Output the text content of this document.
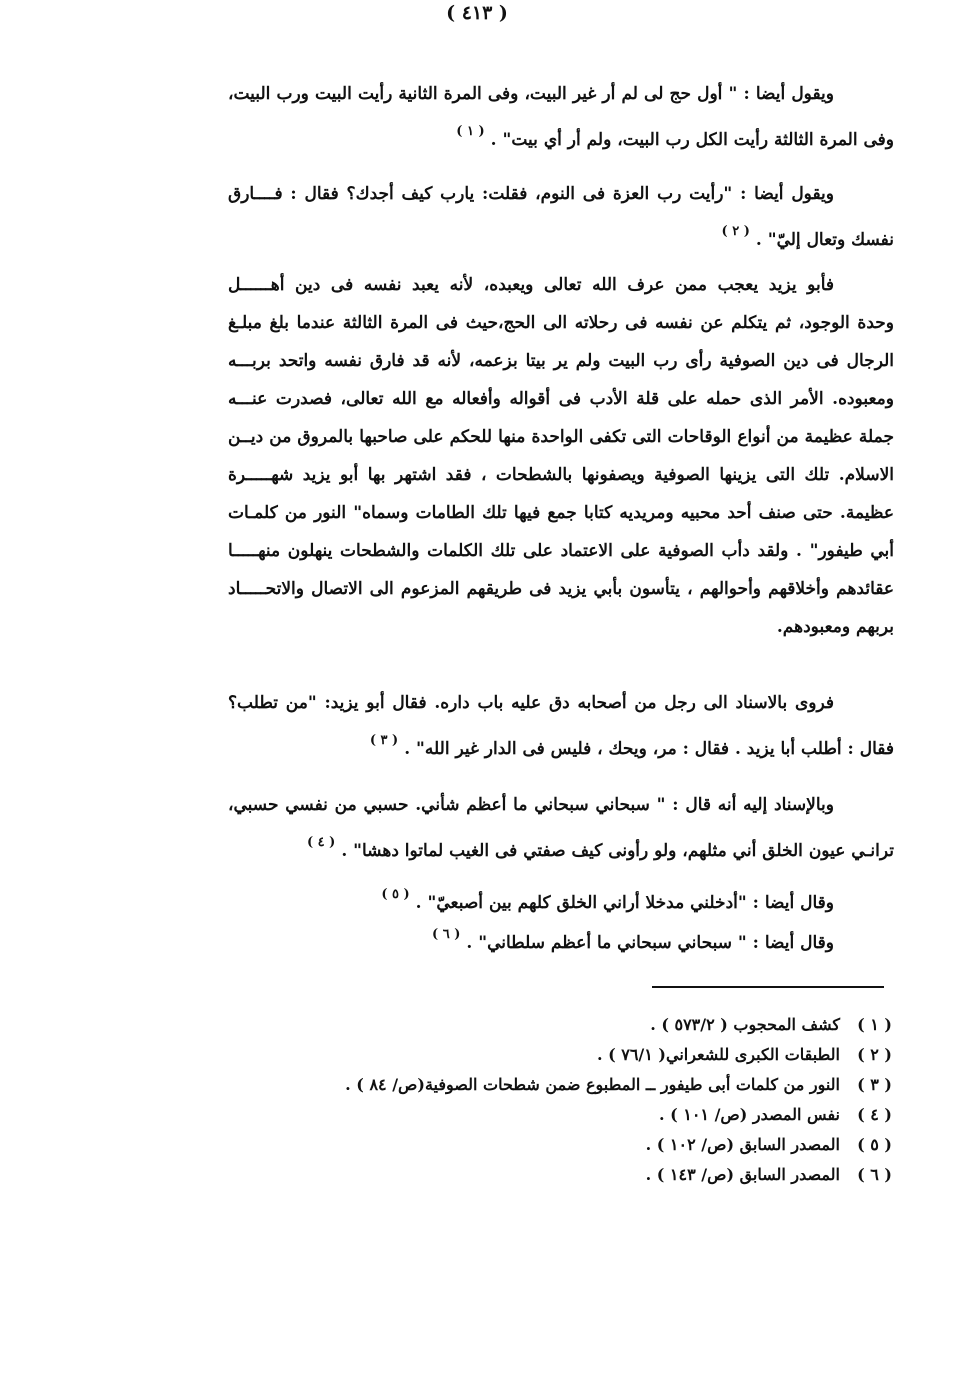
( ٤١٣ )
ويقول أيضا : " أول حج لى لم أر غير البيت، وفى المرة الثانية رأيت البيت ورب البيت،
وفى المرة الثالثة رأيت الكل رب البيت، ولم أر أي بيت" .$^{( ١ )}$
ويقول أيضا : "رأيت رب العزة فى النوم، فقلت: يارب كيف أجدك؟ فقال : فــــارق
نفسك وتعال إليّ" .$^{( ٢ )}$
فأبو يزيد يعجب ممن عرف الله تعالى ويعبده، لأنه يعبد نفسه فى دين أهــــــل
وحدة الوجود، ثم يتكلم عن نفسه فى رحلاته الى الحج،حيث فى المرة الثالثة عندما بلغ مبلـغ
الرجال فى دين الصوفية رأى رب البيت ولم ير بيتا بزعمه، لأنه قد فارق نفسه واتحد بربـــه
ومعبوده. الأمر الذى حمله على قلة الأدب فى أقواله وأفعاله مع الله تعالى، فصدرت عنـــه
جملة عظيمة من أنواع الوقاحات التى تكفى الواحدة منها للحكم على صاحبها بالمروق من ديــن
الاسلام. تلك التى يزينها الصوفية ويصفونها بالشطحات ، فقد اشتهر بها أبو يزيد شهـــــرة
عظيمة. حتى صنف أحد محبيه ومريديه كتابا جمع فيها تلك الطامات وسماه" النور من كلمـات
أبي طيفور" . ولقد دأب الصوفية على الاعتماد على تلك الكلمات والشطحات ينهلون منهـــــا
عقائدهم وأخلاقهم وأحوالهم ، يتأسون بأبي يزيد فى طريقهم المزعوم الى الاتصال والاتحـــــاد
بربهم ومعبودهم.
فروى بالاسناد الى رجل من أصحابه دق عليه باب داره. فقال أبو يزيد: "من تطلب؟
فقال : أطلب أبا يزيد . فقال : مر، ويحك ، فليس فى الدار غير الله" .$^{( ٣ )}$
وبالإسناد إليه أنه قال : " سبحاني سبحاني ما أعظم شأني. حسبي من نفسي حسبي،
ترانـي عيون الخلق أني مثلهم، ولو رأونى كيف صفتي فى الغيب لماتوا دهشا" .$^{( ٤ )}$
وقال أيضا : "أدخلني مدخلا أراني الخلق كلهم بين أصبعيّ" .$^{( ٥ )}$
وقال أيضا : " سبحاني سبحاني ما أعظم سلطاني" .$^{( ٦ )}$
( ١ )كشف المحجوب ( ٥٧٣/٢ ) .
( ٢ )الطبقات الكبرى للشعراني( ٧٦/١ ) .
( ٣ )النور من كلمات أبى طيفور ــ المطبوع ضمن شطحات الصوفية(ص/ ٨٤ ) .
( ٤ )نفس المصدر (ص/ ١٠١ ) .
( ٥ )المصدر السابق (ص/ ١٠٢ ) .
( ٦ )المصدر السابق (ص/ ١٤٣ ) .
